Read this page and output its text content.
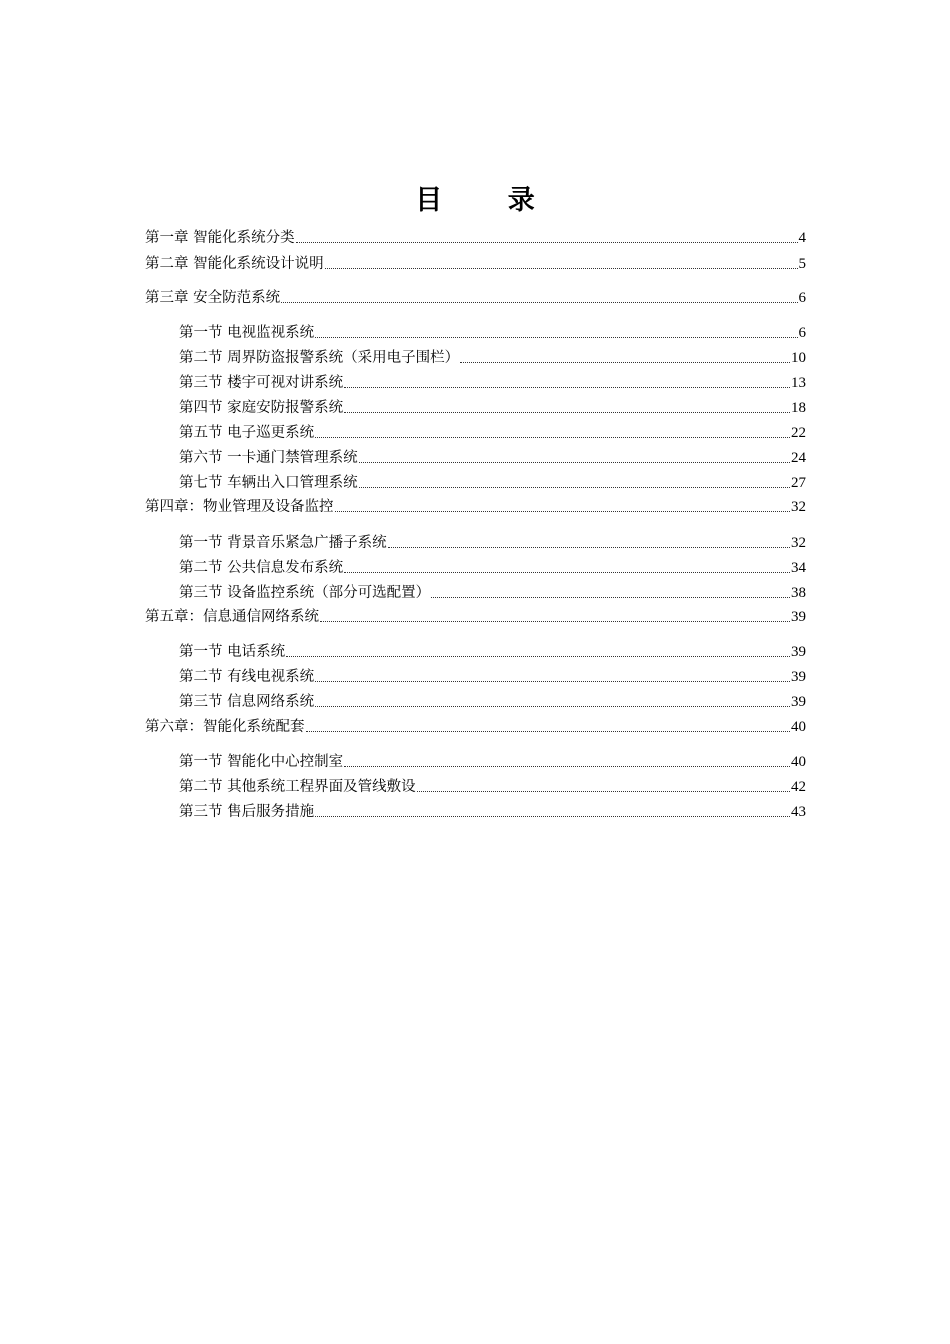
目 录
第一章 智能化系统分类	4
第二章 智能化系统设计说明	5
第三章 安全防范系统	6
第一节 电视监视系统	6
第二节 周界防盗报警系统（采用电子围栏）	10
第三节 楼宇可视对讲系统	13
第四节 家庭安防报警系统	18
第五节 电子巡更系统	22
第六节 一卡通门禁管理系统	24
第七节 车辆出入口管理系统	27
第四章：物业管理及设备监控	32
第一节 背景音乐紧急广播子系统	32
第二节 公共信息发布系统	34
第三节 设备监控系统（部分可选配置）	38
第五章：信息通信网络系统	39
第一节 电话系统	39
第二节 有线电视系统	39
第三节 信息网络系统	39
第六章：智能化系统配套	40
第一节 智能化中心控制室	40
第二节 其他系统工程界面及管线敷设	42
第三节 售后服务措施	43
